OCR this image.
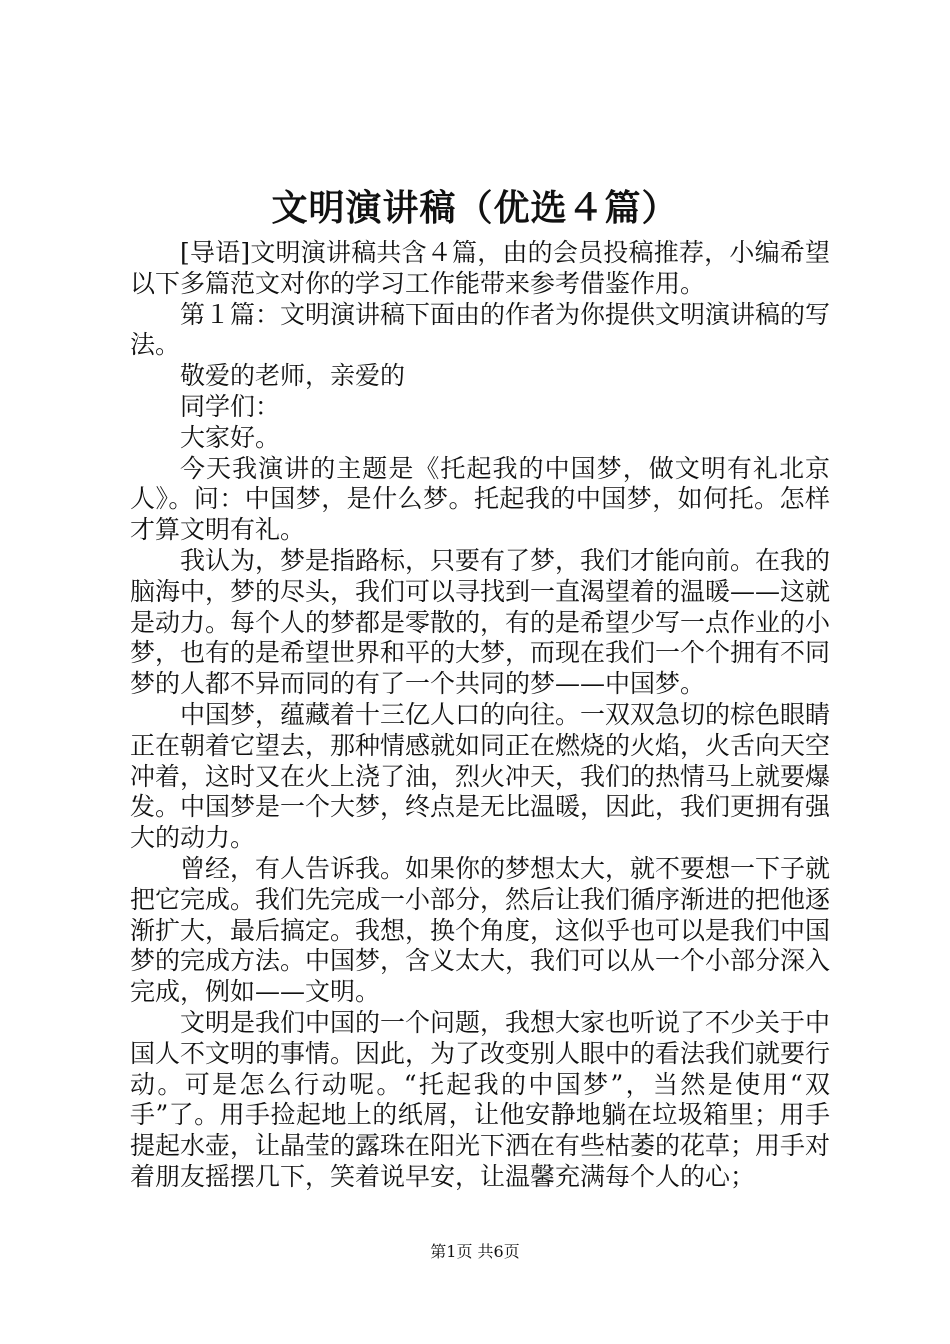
文明演讲稿（优选４篇）

[导语]文明演讲稿共含４篇，由的会员投稿推荐，小编希望以下多篇范文对你的学习工作能带来参考借鉴作用。

第１篇：文明演讲稿下面由的作者为你提供文明演讲稿的写法。

敬爱的老师，亲爱的

同学们：

大家好。

今天我演讲的主题是《托起我的中国梦，做文明有礼北京人》。问：中国梦，是什么梦。托起我的中国梦，如何托。怎样才算文明有礼。

我认为，梦是指路标，只要有了梦，我们才能向前。在我的脑海中，梦的尽头，我们可以寻找到一直渴望着的温暖——这就是动力。每个人的梦都是零散的，有的是希望少写一点作业的小梦，也有的是希望世界和平的大梦，而现在我们一个个拥有不同梦的人都不异而同的有了一个共同的梦——中国梦。

中国梦，蕴藏着十三亿人口的向往。一双双急切的棕色眼睛正在朝着它望去，那种情感就如同正在燃烧的火焰，火舌向天空冲着，这时又在火上浇了油，烈火冲天，我们的热情马上就要爆发。中国梦是一个大梦，终点是无比温暖，因此，我们更拥有强大的动力。

曾经，有人告诉我。如果你的梦想太大，就不要想一下子就把它完成。我们先完成一小部分，然后让我们循序渐进的把他逐渐扩大，最后搞定。我想，换个角度，这似乎也可以是我们中国梦的完成方法。中国梦，含义太大，我们可以从一个小部分深入完成，例如——文明。

文明是我们中国的一个问题，我想大家也听说了不少关于中国人不文明的事情。因此，为了改变别人眼中的看法我们就要行动。可是怎么行动呢。“托起我的中国梦”，当然是使用“双手”了。用手捡起地上的纸屑，让他安静地躺在垃圾箱里；用手提起水壶，让晶莹的露珠在阳光下洒在有些枯萎的花草；用手对着朋友摇摆几下，笑着说早安，让温馨充满每个人的心；

第1页 共6页
